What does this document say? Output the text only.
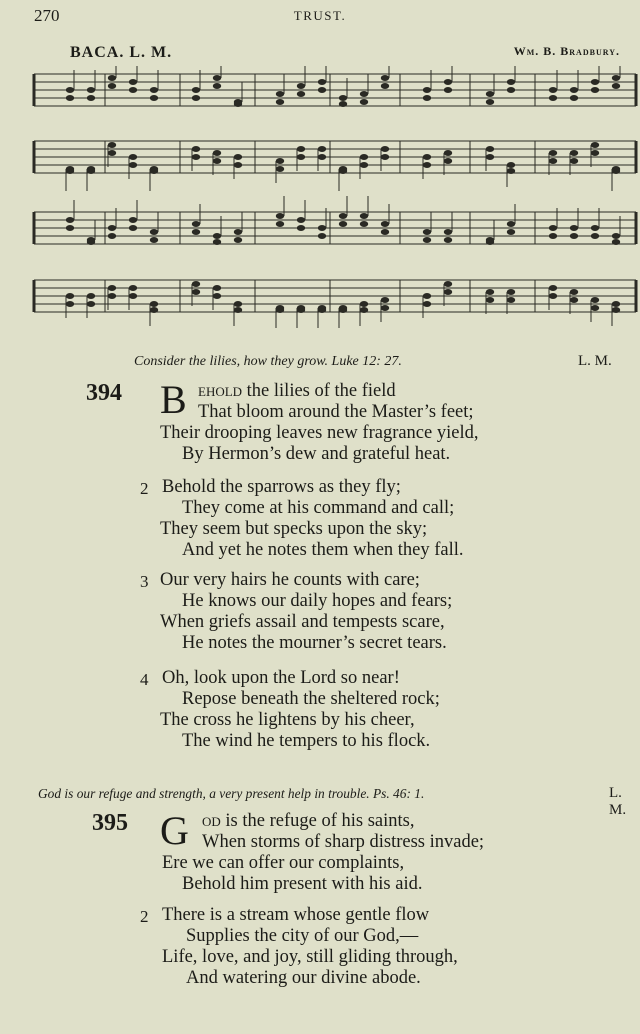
270	TRUST.
BACA. L. M.	Wm. B. Bradbury.
Consider the lilies, how they grow. Luke 12: 27.	L. M.
394 B ehold the lilies of the field
That bloom around the Master’s feet;
Their drooping leaves new fragrance yield,
By Hermon’s dew and grateful heat.
2 Behold the sparrows as they fly;
They come at his command and call;
They seem but specks upon the sky;
And yet he notes them when they fall.
3 Our very hairs he counts with care;
He knows our daily hopes and fears;
When griefs assail and tempests scare,
He notes the mourner’s secret tears.
4 Oh, look upon the Lord so near!
Repose beneath the sheltered rock;
The cross he lightens by his cheer,
The wind he tempers to his flock.
God is our refuge and strength, a very present help in trouble. Ps. 46: 1.	L. M.
395 G od is the refuge of his saints,
When storms of sharp distress invade;
Ere we can offer our complaints,
Behold him present with his aid.
2 There is a stream whose gentle flow
Supplies the city of our God,—
Life, love, and joy, still gliding through,
And watering our divine abode.
